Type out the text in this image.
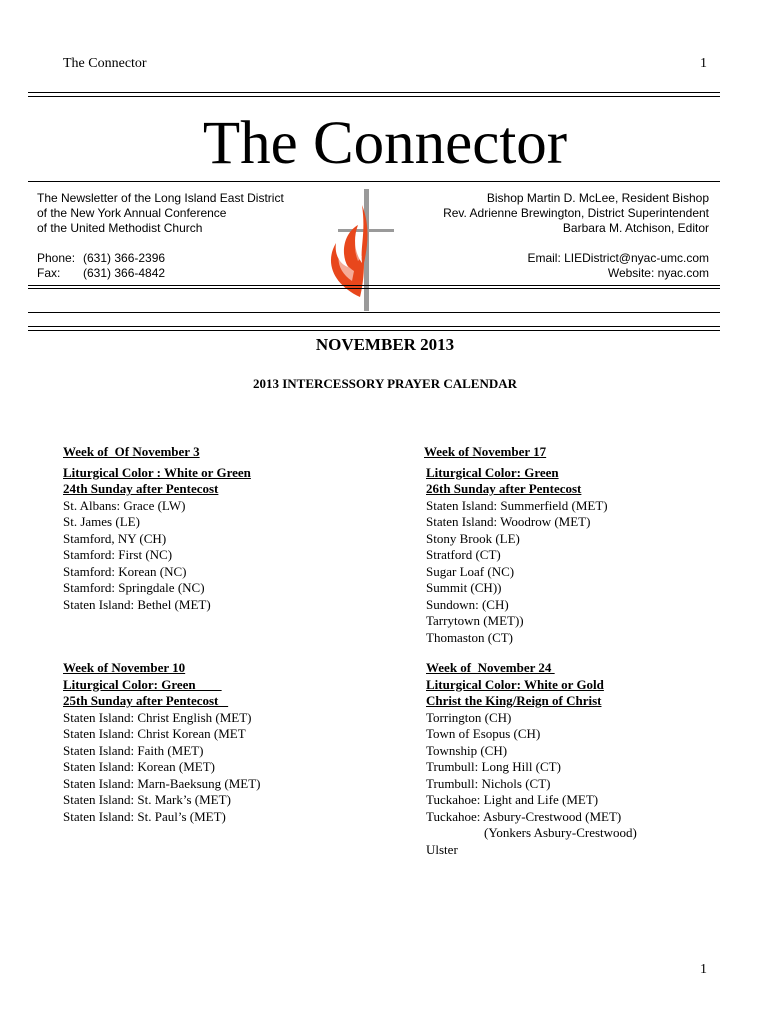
The Connector	1
The Connector
The Newsletter of the Long Island East District
of the New York Annual Conference
of the United Methodist Church
Phone: (631) 366-2396
Fax: (631) 366-4842
Bishop Martin D. McLee, Resident Bishop
Rev. Adrienne Brewington, District Superintendent
Barbara M. Atchison, Editor
Email: LIEDistrict@nyac-umc.com
Website: nyac.com
NOVEMBER 2013
2013 INTERCESSORY PRAYER CALENDAR
Week of  Of November 3
Liturgical Color : White or Green
24th Sunday after Pentecost
St. Albans: Grace (LW)
St. James (LE)
Stamford, NY (CH)
Stamford: First (NC)
Stamford: Korean (NC)
Stamford: Springdale (NC)
Staten Island: Bethel (MET)
Week of November 17
Liturgical Color: Green
26th Sunday after Pentecost
Staten Island: Summerfield (MET)
Staten Island: Woodrow (MET)
Stony Brook (LE)
Stratford (CT)
Sugar Loaf (NC)
Summit (CH))
Sundown: (CH)
Tarrytown (MET))
Thomaston (CT)
Week of November 10
Liturgical Color: Green
25th Sunday after Pentecost
Staten Island: Christ English (MET)
Staten Island: Christ Korean (MET
Staten Island: Faith (MET)
Staten Island: Korean (MET)
Staten Island: Marn-Baeksung (MET)
Staten Island: St. Mark’s (MET)
Staten Island: St. Paul’s (MET)
Week of  November 24
Liturgical Color: White or Gold
Christ the King/Reign of Christ
Torrington (CH)
Town of Esopus (CH)
Township (CH)
Trumbull: Long Hill (CT)
Trumbull: Nichols (CT)
Tuckahoe: Light and Life (MET)
Tuckahoe: Asbury-Crestwood (MET)
(Yonkers Asbury-Crestwood)
Ulster
1
